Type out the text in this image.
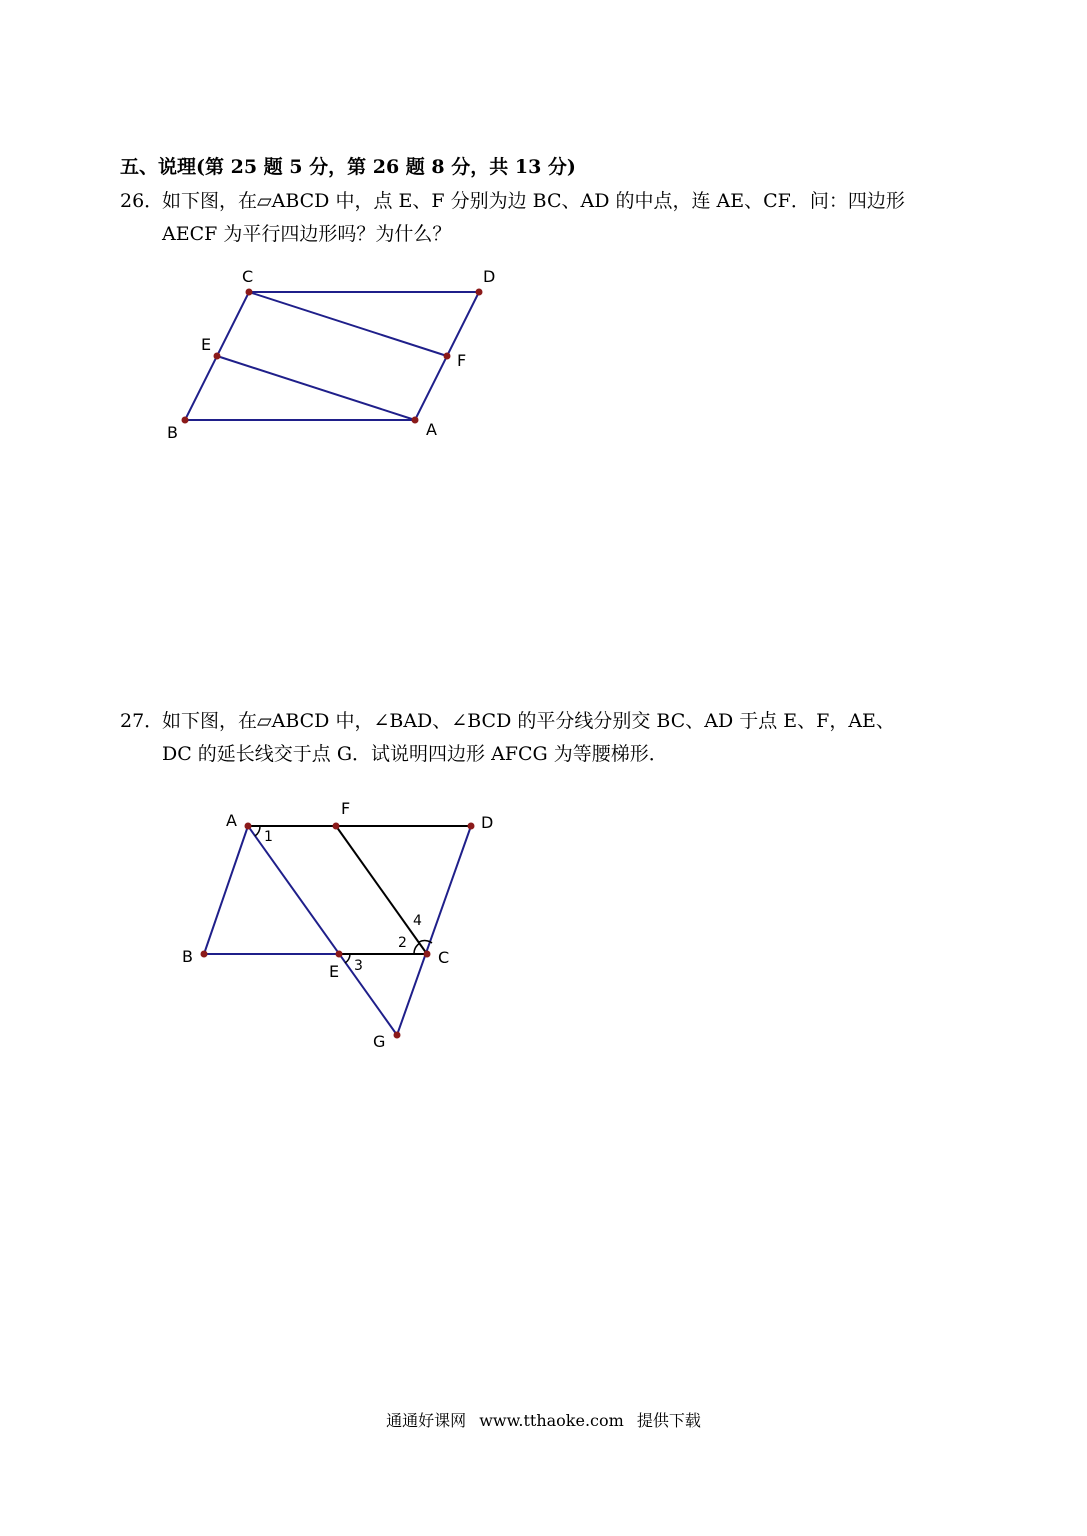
五、说理(第 25 题 5 分，第 26 题 8 分，共 13 分)
26．如下图，在▱ABCD 中，点 E、F 分别为边 BC、AD 的中点，连 AE、CF．问：四边形
AECF 为平行四边形吗？为什么？
C	D
E
F
B	A
27．如下图，在▱ABCD 中，∠BAD、∠BCD 的平分线分别交 BC、AD 于点 E、F，AE、
DC 的延长线交于点 G．试说明四边形 AFCG 为等腰梯形．
A
F
D
B
E
C
G
1
2
3
4
通通好课网 www.tthaoke.com 提供下载
